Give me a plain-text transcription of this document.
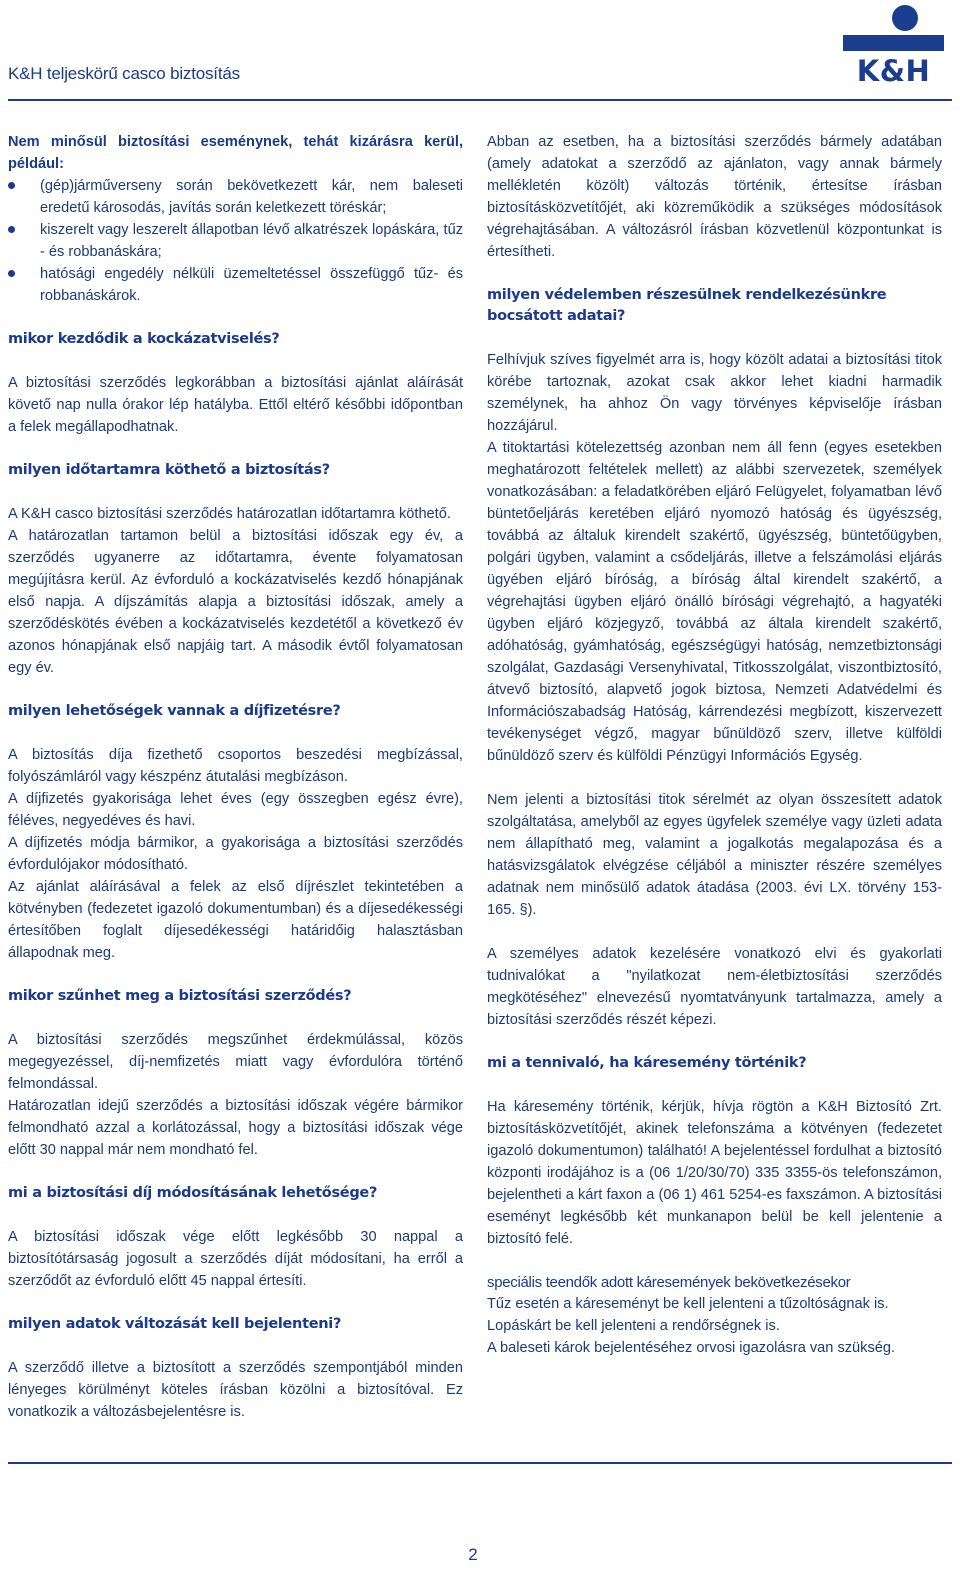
K&H teljeskörű casco biztosítás	K&H

Nem minősül biztosítási eseménynek, tehát kizárásra kerül, például:

(gép)járműverseny során bekövetkezett kár, nem baleseti eredetű károsodás, javítás során keletkezett töréskár;
kiszerelt vagy leszerelt állapotban lévő alkatrészek lopáskára, tűz - és robbanáskára;
hatósági engedély nélküli üzemeltetéssel összefüggő tűz- és robbanáskárok.
mikor kezdődik a kockázatviselés?

A biztosítási szerződés legkorábban a biztosítási ajánlat aláírását követő nap nulla órakor lép hatályba. Ettől eltérő későbbi időpontban a felek megállapodhatnak.

milyen időtartamra köthető a biztosítás?

A K&H casco biztosítási szerződés határozatlan időtartamra köthető.

A határozatlan tartamon belül a biztosítási időszak egy év, a szerződés ugyanerre az időtartamra, évente folyamatosan megújításra kerül. Az évforduló a kockázatviselés kezdő hónapjának első napja. A díjszámítás alapja a biztosítási időszak, amely a szerződéskötés évében a kockázatviselés kezdetétől a következő év azonos hónapjának első napjáig tart. A második évtől folyamatosan egy év.

milyen lehetőségek vannak a díjfizetésre?

A biztosítás díja fizethető csoportos beszedési megbízással, folyószámláról vagy készpénz átutalási megbízáson.

A díjfizetés gyakorisága lehet éves (egy összegben egész évre), féléves, negyedéves és havi.

A díjfizetés módja bármikor, a gyakorisága a biztosítási szerződés évfordulójakor módosítható.

Az ajánlat aláírásával a felek az első díjrészlet tekintetében a kötvényben (fedezetet igazoló dokumentumban) és a díjesedékességi értesítőben foglalt díjesedékességi határidőig halasztásban állapodnak meg.

mikor szűnhet meg a biztosítási szerződés?

A biztosítási szerződés megszűnhet érdekmúlással, közös megegyezéssel, díj-nemfizetés miatt vagy évfordulóra történő felmondással.

Határozatlan idejű szerződés a biztosítási időszak végére bármikor felmondható azzal a korlátozással, hogy a biztosítási időszak vége előtt 30 nappal már nem mondható fel.

mi a biztosítási díj módosításának lehetősége?

A biztosítási időszak vége előtt legkésőbb 30 nappal a biztosítótársaság jogosult a szerződés díját módosítani, ha erről a szerződőt az évforduló előtt 45 nappal értesíti.

milyen adatok változását kell bejelenteni?

A szerződő illetve a biztosított a szerződés szempontjából minden lényeges körülményt köteles írásban közölni a biztosítóval. Ez vonatkozik a változásbejelentésre is.

Abban az esetben, ha a biztosítási szerződés bármely adatában (amely adatokat a szerződő az ajánlaton, vagy annak bármely mellékletén közölt) változás történik, értesítse írásban biztosításközvetítőjét, aki közreműködik a szükséges módosítások végrehajtásában. A változásról írásban közvetlenül központunkat is értesítheti.

milyen védelemben részesülnek rendelkezésünkre bocsátott adatai?

Felhívjuk szíves figyelmét arra is, hogy közölt adatai a biztosítási titok körébe tartoznak, azokat csak akkor lehet kiadni harmadik személynek, ha ahhoz Ön vagy törvényes képviselője írásban hozzájárul.

A titoktartási kötelezettség azonban nem áll fenn (egyes esetekben meghatározott feltételek mellett) az alábbi szervezetek, személyek vonatkozásában: a feladatkörében eljáró Felügyelet, folyamatban lévő büntetőeljárás keretében eljáró nyomozó hatóság és ügyészség, továbbá az általuk kirendelt szakértő, ügyészség, büntetőügyben, polgári ügyben, valamint a csődeljárás, illetve a felszámolási eljárás ügyében eljáró bíróság, a bíróság által kirendelt szakértő, a végrehajtási ügyben eljáró önálló bírósági végrehajtó, a hagyatéki ügyben eljáró közjegyző, továbbá az általa kirendelt szakértő, adóhatóság, gyámhatóság, egészségügyi hatóság, nemzetbiztonsági szolgálat, Gazdasági Versenyhivatal, Titkosszolgálat, viszontbiztosító, átvevő biztosító, alapvető jogok biztosa, Nemzeti Adatvédelmi és Információszabadság Hatóság, kárrendezési megbízott, kiszervezett tevékenységet végző, magyar bűnüldöző szerv, illetve külföldi bűnüldöző szerv és külföldi Pénzügyi Információs Egység.

Nem jelenti a biztosítási titok sérelmét az olyan összesített adatok szolgáltatása, amelyből az egyes ügyfelek személye vagy üzleti adata nem állapítható meg, valamint a jogalkotás megalapozása és a hatásvizsgálatok elvégzése céljából a miniszter részére személyes adatnak nem minősülő adatok átadása (2003. évi LX. törvény 153-165. §).

A személyes adatok kezelésére vonatkozó elvi és gyakorlati tudnivalókat a "nyilatkozat nem-életbiztosítási szerződés megkötéséhez" elnevezésű nyomtatványunk tartalmazza, amely a biztosítási szerződés részét képezi.

mi a tennivaló, ha káresemény történik?

Ha káresemény történik, kérjük, hívja rögtön a K&H Biztosító Zrt. biztosításközvetítőjét, akinek telefonszáma a kötvényen (fedezetet igazoló dokumentumon) található! A bejelentéssel fordulhat a biztosító központi irodájához is a (06 1/20/30/70) 335 3355-ös telefonszámon, bejelentheti a kárt faxon a (06 1) 461 5254-es faxszámon. A biztosítási eseményt legkésőbb két munkanapon belül be kell jelentenie a biztosító felé.

speciális teendők adott káresemények bekövetkezésekor

Tűz esetén a káreseményt be kell jelenteni a tűzoltóságnak is.

Lopáskárt be kell jelenteni a rendőrségnek is.

A baleseti károk bejelentéséhez orvosi igazolásra van szükség.

2
